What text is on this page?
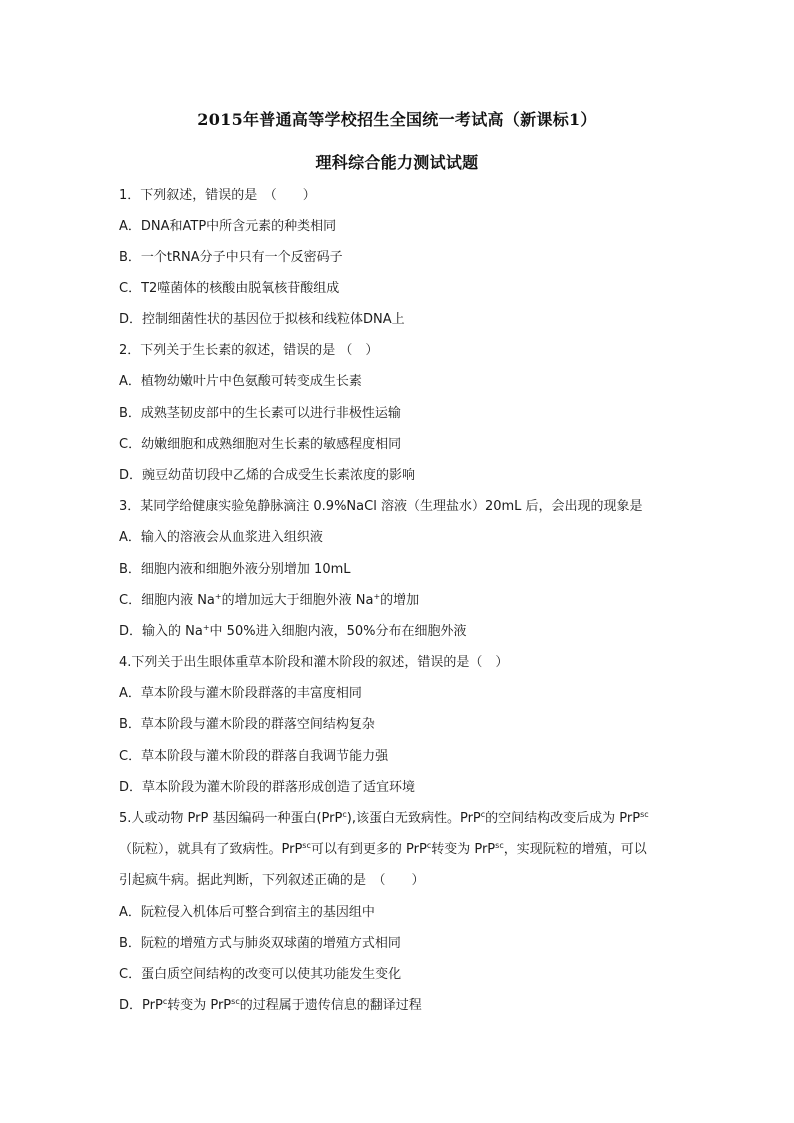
2015年普通高等学校招生全国统一考试高（新课标1）
理科综合能力测试试题
1．下列叙述，错误的是　（　　）
A．DNA和ATP中所含元素的种类相同
B．一个tRNA分子中只有一个反密码子
C．T2噬菌体的核酸由脱氧核苷酸组成
D．控制细菌性状的基因位于拟核和线粒体DNA上
2．下列关于生长素的叙述，错误的是 （　）
A．植物幼嫩叶片中色氨酸可转变成生长素
B．成熟茎韧皮部中的生长素可以进行非极性运输
C．幼嫩细胞和成熟细胞对生长素的敏感程度相同
D．豌豆幼苗切段中乙烯的合成受生长素浓度的影响
3．某同学给健康实验兔静脉滴注 0.9%NaCl 溶液（生理盐水）20mL 后，会出现的现象是
A．输入的溶液会从血浆进入组织液
B．细胞内液和细胞外液分别增加 10mL
C．细胞内液 Na+的增加远大于细胞外液 Na+的增加
D．输入的 Na+中 50%进入细胞内液，50%分布在细胞外液
4.下列关于出生眼体重草本阶段和灌木阶段的叙述，错误的是（　）
A．草本阶段与灌木阶段群落的丰富度相同
B．草本阶段与灌木阶段的群落空间结构复杂
C．草本阶段与灌木阶段的群落自我调节能力强
D．草本阶段为灌木阶段的群落形成创造了适宜环境
5.人或动物 PrP 基因编码一种蛋白(PrP$^c$),该蛋白无致病性。PrP$^c$的空间结构改变后成为 PrP$^{sc}$
（阮粒），就具有了致病性。PrP$^{sc}$可以有到更多的 PrP$^c$转变为 PrP$^{sc}$，实现阮粒的增殖，可以
引起疯牛病。据此判断，下列叙述正确的是　（　　）
A．阮粒侵入机体后可整合到宿主的基因组中
B．阮粒的增殖方式与肺炎双球菌的增殖方式相同
C．蛋白质空间结构的改变可以使其功能发生变化
D．PrP$^c$转变为 PrP$^{sc}$的过程属于遗传信息的翻译过程
